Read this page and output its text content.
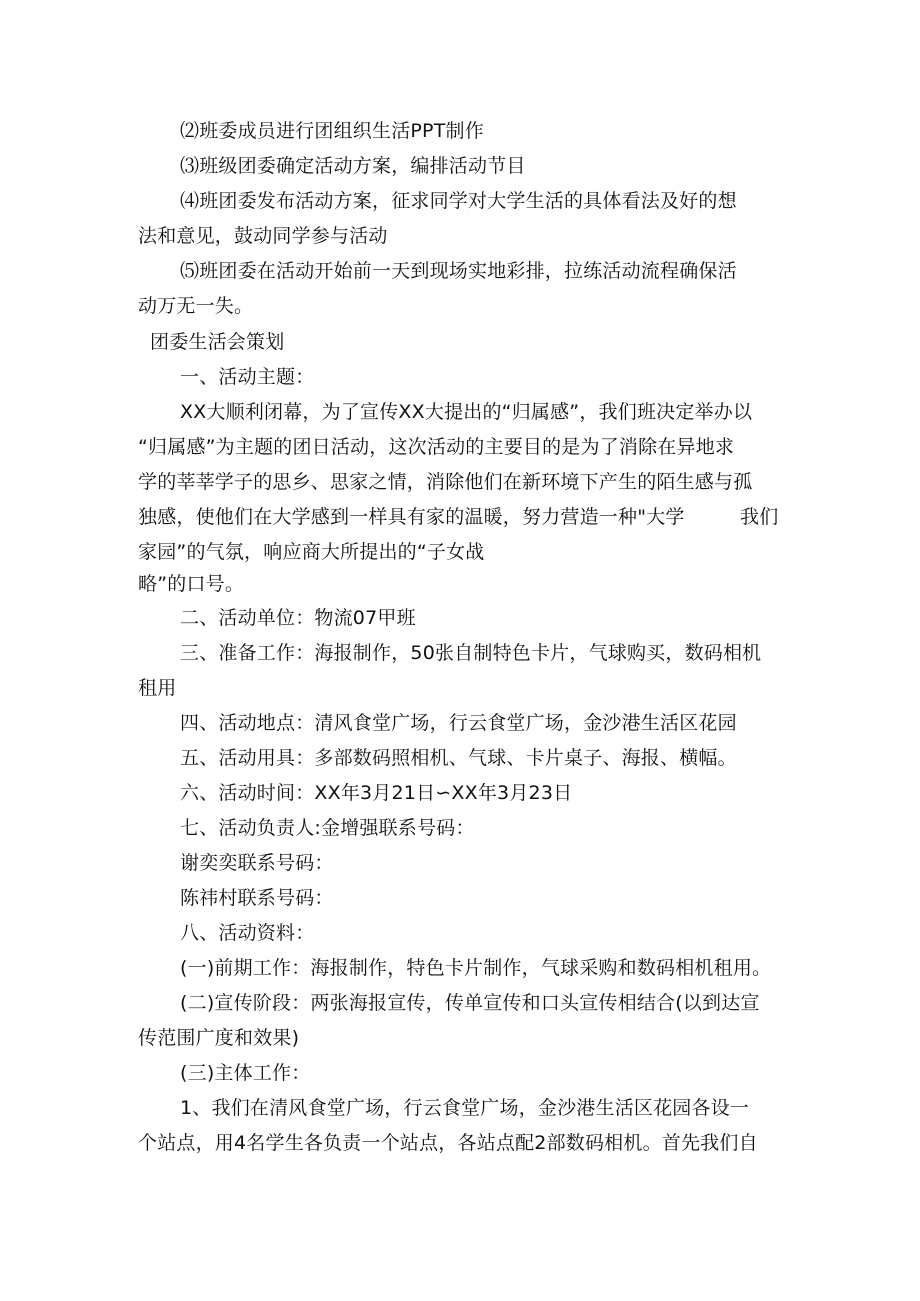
⑵班委成员进行团组织生活PPT制作
⑶班级团委确定活动方案，编排活动节目
⑷班团委发布活动方案，征求同学对大学生活的具体看法及好的想
法和意见，鼓动同学参与活动
⑸班团委在活动开始前一天到现场实地彩排，拉练活动流程确保活
动万无一失。
团委生活会策划
一、活动主题：
XX大顺利闭幕，为了宣传XX大提出的“归属感”，我们班决定举办以
“归属感”为主题的团日活动，这次活动的主要目的是为了消除在异地求
学的莘莘学子的思乡、思家之情，消除他们在新环境下产生的陌生感与孤
独感，使他们在大学感到一样具有家的温暖，努力营造一种"大学	我们
家园”的气氛，响应商大所提出的“子女战
略”的口号。
二、活动单位：物流07甲班
三、准备工作：海报制作，50张自制特色卡片，气球购买，数码相机
租用
四、活动地点：清风食堂广场，行云食堂广场，金沙港生活区花园
五、活动用具：多部数码照相机、气球、卡片桌子、海报、横幅。
六、活动时间：XX年3月21日∽XX年3月23日
七、活动负责人:金增强联系号码：
谢奕奕联系号码：
陈祎村联系号码：
八、活动资料：
(一)前期工作：海报制作，特色卡片制作，气球采购和数码相机租用。
(二)宣传阶段：两张海报宣传，传单宣传和口头宣传相结合(以到达宣
传范围广度和效果)
(三)主体工作：
1、我们在清风食堂广场，行云食堂广场，金沙港生活区花园各设一
个站点，用4名学生各负责一个站点，各站点配2部数码相机。首先我们自
